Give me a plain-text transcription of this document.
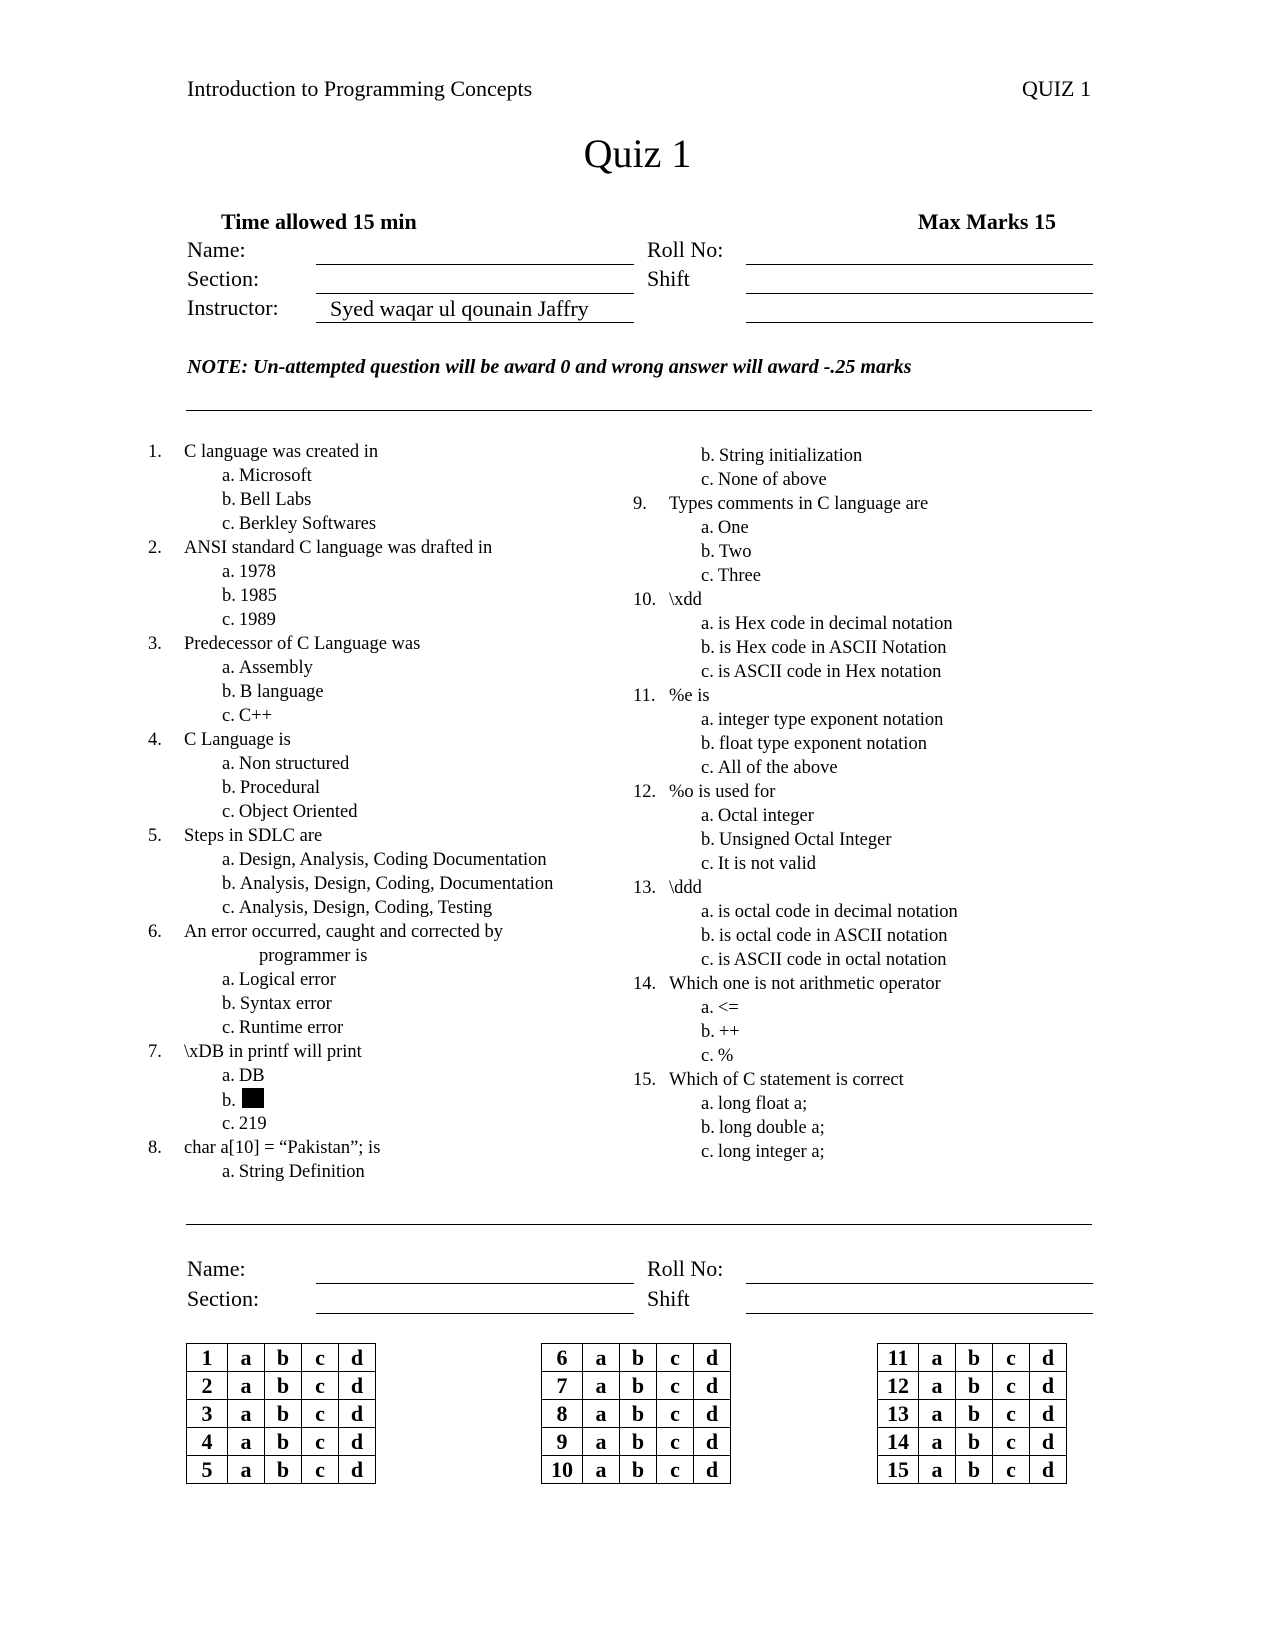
Introduction to Programming Concepts	QUIZ 1
Quiz 1
Time allowed 15 min	Max Marks 15
Name:	Roll No:
Section:	Shift
Instructor: Syed waqar ul qounain Jaffry
NOTE: Un-attempted question will be award 0 and wrong answer will award -.25 marks
1. C language was created in
a. Microsoft
b. Bell Labs
c. Berkley Softwares
2. ANSI standard C language was drafted in
a. 1978
b. 1985
c. 1989
3. Predecessor of C Language was
a. Assembly
b. B language
c. C++
4. C Language is
a. Non structured
b. Procedural
c. Object Oriented
5. Steps in SDLC are
a. Design, Analysis, Coding Documentation
b. Analysis, Design, Coding, Documentation
c. Analysis, Design, Coding, Testing
6. An error occurred, caught and corrected by
programmer is
a. Logical error
b. Syntax error
c. Runtime error
7. \xDB in printf will print
a. DB
b.
c. 219
8. char a[10] = “Pakistan”; is
a. String Definition
b. String initialization
c. None of above
9. Types comments in C language are
a. One
b. Two
c. Three
10. \xdd
a. is Hex code in decimal notation
b. is Hex code in ASCII Notation
c. is ASCII code in Hex notation
11. %e is
a. integer type exponent notation
b. float type exponent notation
c. All of the above
12. %o is used for
a. Octal integer
b. Unsigned Octal Integer
c. It is not valid
13. \ddd
a. is octal code in decimal notation
b. is octal code in ASCII notation
c. is ASCII code in octal notation
14. Which one is not arithmetic operator
a. <=
b. ++
c. %
15. Which of C statement is correct
a. long float a;
b. long double a;
c. long integer a;
Name:	Roll No:
Section:	Shift
1	a	b	c	d
2	a	b	c	d
3	a	b	c	d
4	a	b	c	d
5	a	b	c	d
6	a	b	c	d
7	a	b	c	d
8	a	b	c	d
9	a	b	c	d
10	a	b	c	d
11	a	b	c	d
12	a	b	c	d
13	a	b	c	d
14	a	b	c	d
15	a	b	c	d
